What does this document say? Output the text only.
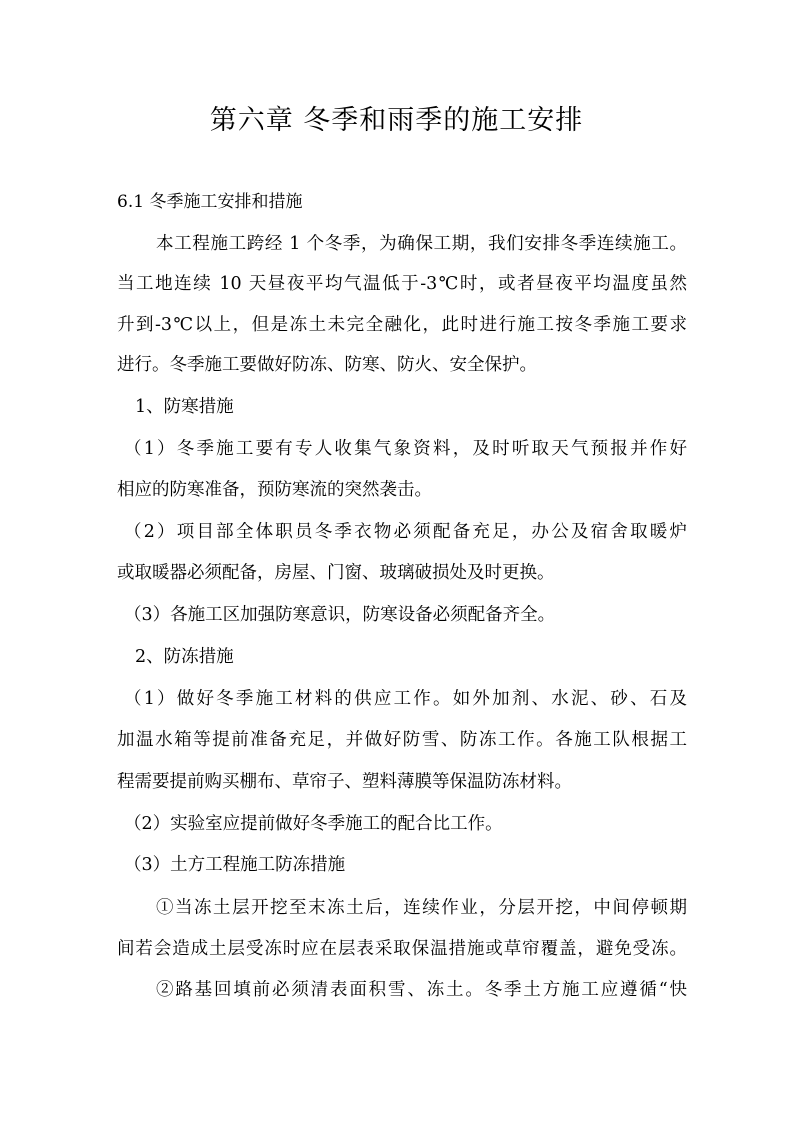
第六章 冬季和雨季的施工安排
6.1 冬季施工安排和措施
本工程施工跨经 1 个冬季，为确保工期，我们安排冬季连续施工。
当工地连续 10 天昼夜平均气温低于-3℃时，或者昼夜平均温度虽然
升到-3℃以上，但是冻土未完全融化，此时进行施工按冬季施工要求
进行。冬季施工要做好防冻、防寒、防火、安全保护。
1、防寒措施
（1）冬季施工要有专人收集气象资料，及时听取天气预报并作好
相应的防寒准备，预防寒流的突然袭击。
（2）项目部全体职员冬季衣物必须配备充足，办公及宿舍取暖炉
或取暖器必须配备，房屋、门窗、玻璃破损处及时更换。
（3）各施工区加强防寒意识，防寒设备必须配备齐全。
2、防冻措施
（1）做好冬季施工材料的供应工作。如外加剂、水泥、砂、石及
加温水箱等提前准备充足，并做好防雪、防冻工作。各施工队根据工
程需要提前购买棚布、草帘子、塑料薄膜等保温防冻材料。
（2）实验室应提前做好冬季施工的配合比工作。
（3）土方工程施工防冻措施
①当冻土层开挖至末冻土后，连续作业，分层开挖，中间停顿期
间若会造成土层受冻时应在层表采取保温措施或草帘覆盖，避免受冻。
②路基回填前必须清表面积雪、冻土。冬季土方施工应遵循“快
